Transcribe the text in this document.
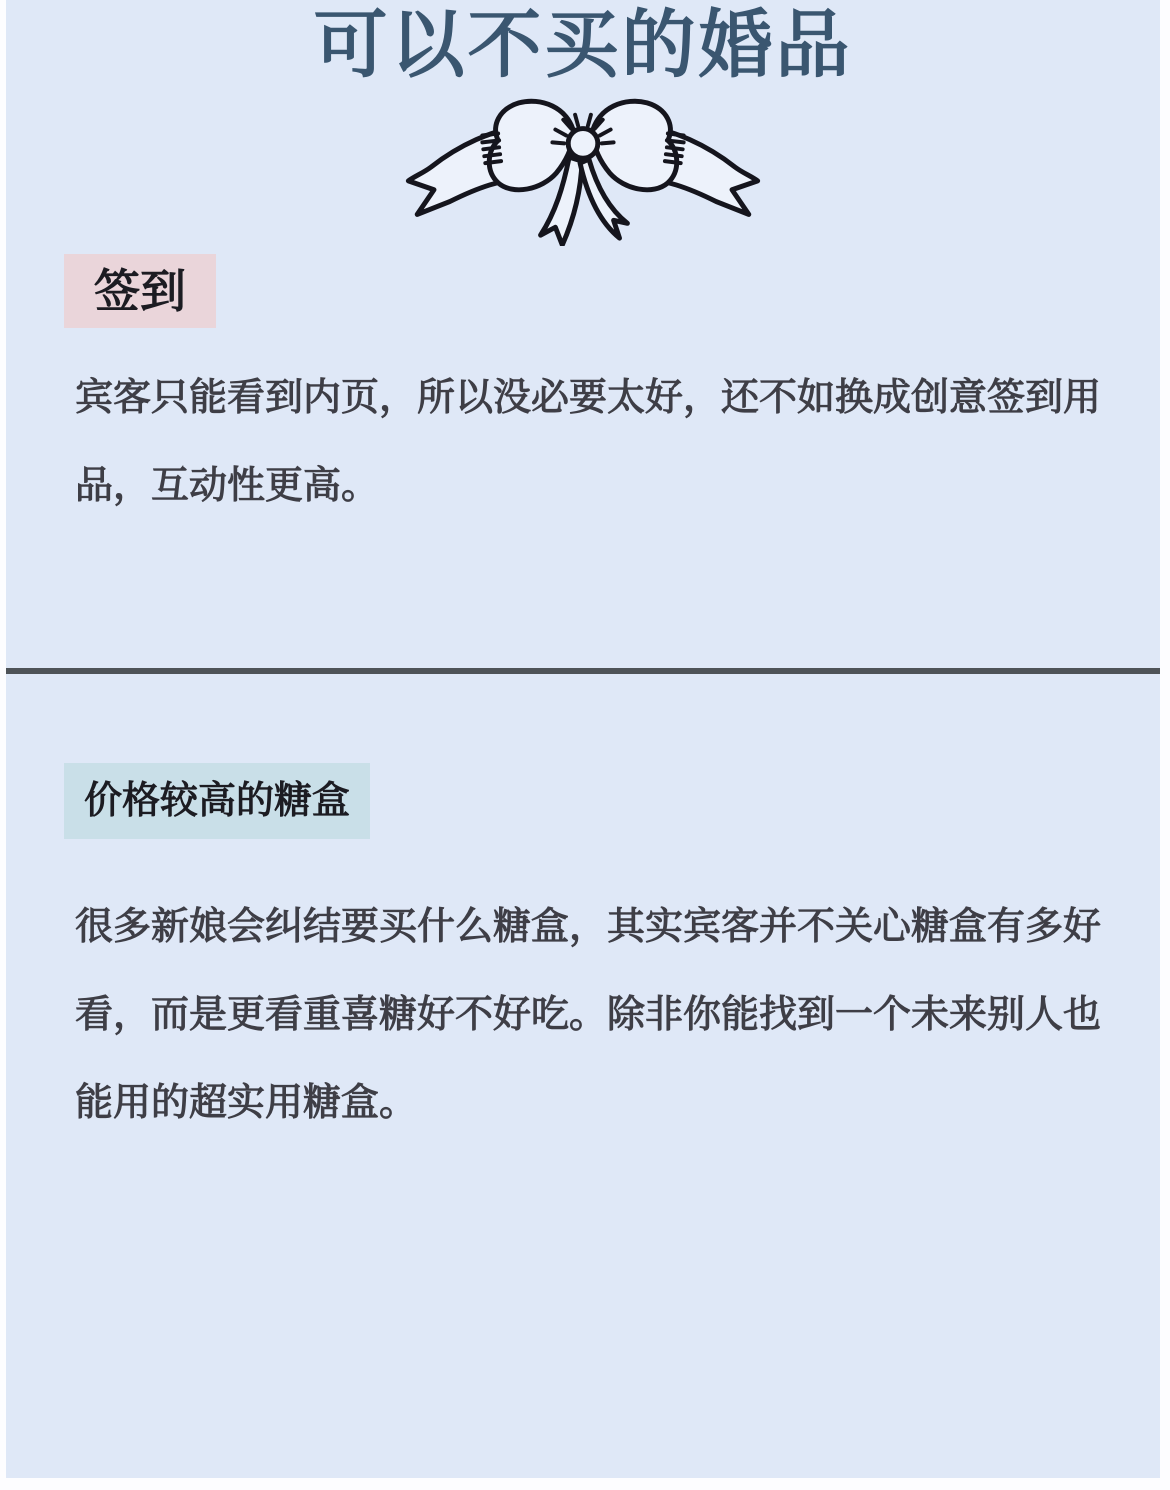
可以不买的婚品
签到
宾客只能看到内页，所以没必要太好，还不如换成创意签到用
品，互动性更高。
价格较高的糖盒
很多新娘会纠结要买什么糖盒，其实宾客并不关心糖盒有多好
看，而是更看重喜糖好不好吃。除非你能找到一个未来别人也
能用的超实用糖盒。
